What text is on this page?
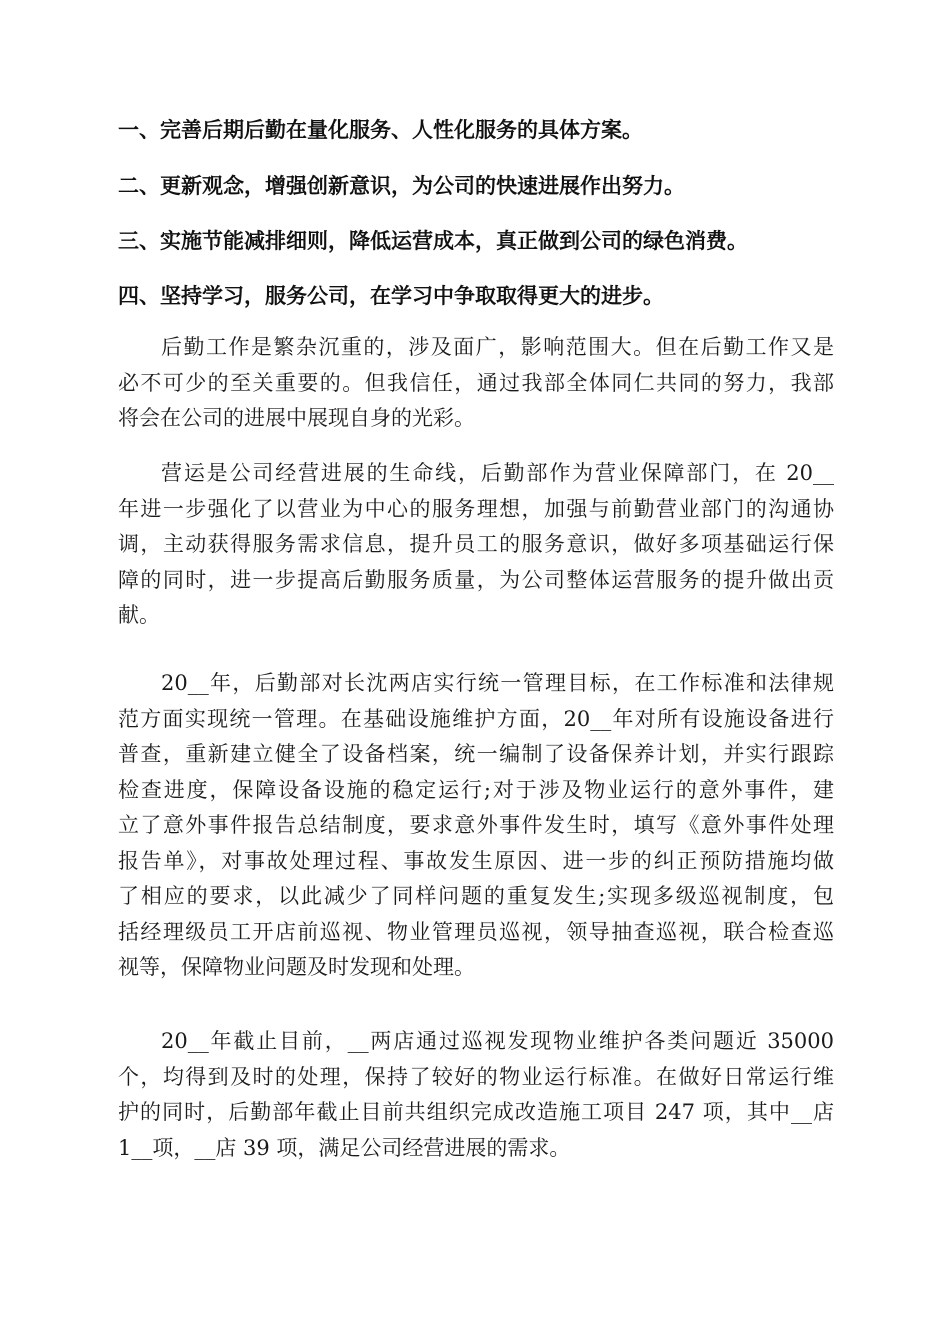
一、完善后期后勤在量化服务、人性化服务的具体方案。
二、更新观念，增强创新意识，为公司的快速进展作出努力。
三、实施节能减排细则，降低运营成本，真正做到公司的绿色消费。
四、坚持学习，服务公司，在学习中争取取得更大的进步。
后勤工作是繁杂沉重的，涉及面广，影响范围大。但在后勤工作又是
必不可少的至关重要的。但我信任，通过我部全体同仁共同的努力，我部
将会在公司的进展中展现自身的光彩。
营运是公司经营进展的生命线，后勤部作为营业保障部门，在 20__
年进一步强化了以营业为中心的服务理想，加强与前勤营业部门的沟通协
调，主动获得服务需求信息，提升员工的服务意识，做好多项基础运行保
障的同时，进一步提高后勤服务质量，为公司整体运营服务的提升做出贡
献。
20__年，后勤部对长沈两店实行统一管理目标，在工作标准和法律规
范方面实现统一管理。在基础设施维护方面，20__年对所有设施设备进行
普查，重新建立健全了设备档案，统一编制了设备保养计划，并实行跟踪
检查进度，保障设备设施的稳定运行;对于涉及物业运行的意外事件，建
立了意外事件报告总结制度，要求意外事件发生时，填写《意外事件处理
报告单》，对事故处理过程、事故发生原因、进一步的纠正预防措施均做
了相应的要求，以此减少了同样问题的重复发生;实现多级巡视制度，包
括经理级员工开店前巡视、物业管理员巡视，领导抽查巡视，联合检查巡
视等，保障物业问题及时发现和处理。
20__年截止目前，__两店通过巡视发现物业维护各类问题近 35000
个，均得到及时的处理，保持了较好的物业运行标准。在做好日常运行维
护的同时，后勤部年截止目前共组织完成改造施工项目 247 项，其中__店
1__项，__店 39 项，满足公司经营进展的需求。
